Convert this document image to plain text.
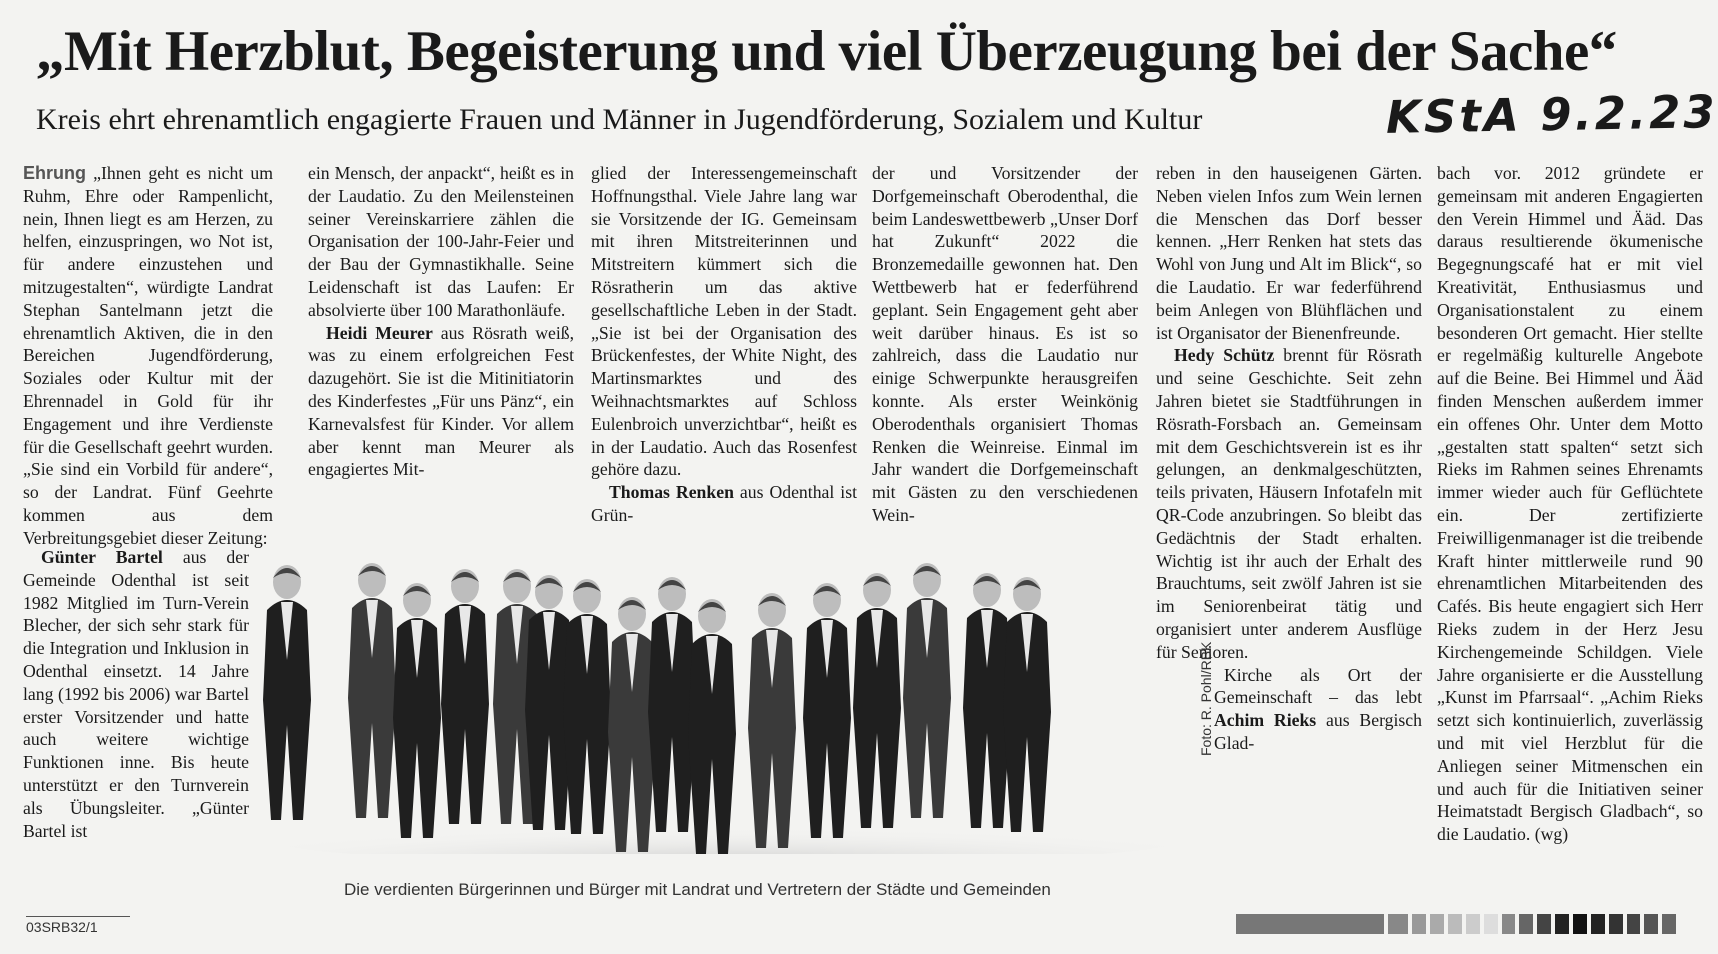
„Mit Herzblut, Begeisterung und viel Überzeugung bei der Sache“
Kreis ehrt ehrenamtlich engagierte Frauen und Männer in Jugendförderung, Sozialem und Kultur	KStA 9.2.23

Ehrung „Ihnen geht es nicht um Ruhm, Ehre oder Rampenlicht, nein, Ihnen liegt es am Herzen, zu helfen, einzuspringen, wo Not ist, für andere einzustehen und mitzugestalten“, würdigte Landrat Stephan Santelmann jetzt die ehrenamtlich Aktiven, die in den Bereichen Jugendförderung, Soziales oder Kultur mit der Ehrennadel in Gold für ihr Engagement und ihre Verdienste für die Gesellschaft geehrt wurden. „Sie sind ein Vorbild für andere“, so der Landrat. Fünf Geehrte kommen aus dem Verbreitungsgebiet dieser Zeitung:

Günter Bartel aus der Gemeinde Odenthal ist seit 1982 Mitglied im Turn-Verein Blecher, der sich sehr stark für die Integration und Inklusion in Odenthal einsetzt. 14 Jahre lang (1992 bis 2006) war Bartel erster Vorsitzender und hatte auch weitere wichtige Funktionen inne. Bis heute unterstützt er den Turnverein als Übungsleiter. „Günter Bartel ist

ein Mensch, der anpackt“, heißt es in der Laudatio. Zu den Meilensteinen seiner Vereinskarriere zählen die Organisation der 100-Jahr-Feier und der Bau der Gymnastikhalle. Seine Leidenschaft ist das Laufen: Er absolvierte über 100 Marathonläufe.

Heidi Meurer aus Rösrath weiß, was zu einem erfolgreichen Fest dazugehört. Sie ist die Mitinitiatorin des Kinderfestes „Für uns Pänz“, ein Karnevalsfest für Kinder. Vor allem aber kennt man Meurer als engagiertes Mit-

glied der Interessengemeinschaft Hoffnungsthal. Viele Jahre lang war sie Vorsitzende der IG. Gemeinsam mit ihren Mitstreiterinnen und Mitstreitern kümmert sich die Rösratherin um das aktive gesellschaftliche Leben in der Stadt. „Sie ist bei der Organisation des Brückenfestes, der White Night, des Martinsmarktes und des Weihnachtsmarktes auf Schloss Eulenbroich unverzichtbar“, heißt es in der Laudatio. Auch das Rosenfest gehöre dazu.

Thomas Renken aus Odenthal ist Grün-

der und Vorsitzender der Dorfgemeinschaft Oberodenthal, die beim Landeswettbewerb „Unser Dorf hat Zukunft“ 2022 die Bronzemedaille gewonnen hat. Den Wettbewerb hat er federführend geplant. Sein Engagement geht aber weit darüber hinaus. Es ist so zahlreich, dass die Laudatio nur einige Schwerpunkte herausgreifen konnte. Als erster Weinkönig Oberodenthals organisiert Thomas Renken die Weinreise. Einmal im Jahr wandert die Dorfgemeinschaft mit Gästen zu den verschiedenen Wein-

reben in den hauseigenen Gärten. Neben vielen Infos zum Wein lernen die Menschen das Dorf besser kennen. „Herr Renken hat stets das Wohl von Jung und Alt im Blick“, so die Laudatio. Er war federführend beim Anlegen von Blühflächen und ist Organisator der Bienenfreunde.

Hedy Schütz brennt für Rösrath und seine Geschichte. Seit zehn Jahren bietet sie Stadtführungen in Rösrath-Forsbach an. Gemeinsam mit dem Geschichtsverein ist es ihr gelungen, an denkmalgeschützten, teils privaten, Häusern Infotafeln mit QR-Code anzubringen. So bleibt das Gedächtnis der Stadt erhalten. Wichtig ist ihr auch der Erhalt des Brauchtums, seit zwölf Jahren ist sie im Seniorenbeirat tätig und organisiert unter anderem Ausflüge für Senioren.

Kirche als Ort der Gemeinschaft – das lebt Achim Rieks aus Bergisch Glad-

bach vor. 2012 gründete er gemeinsam mit anderen Engagierten den Verein Himmel und Ääd. Das daraus resultierende ökumenische Begegnungscafé hat er mit viel Kreativität, Enthusiasmus und Organisationstalent zu einem besonderen Ort gemacht. Hier stellte er regelmäßig kulturelle Angebote auf die Beine. Bei Himmel und Ääd finden Menschen außerdem immer ein offenes Ohr. Unter dem Motto „gestalten statt spalten“ setzt sich Rieks im Rahmen seines Ehrenamts immer wieder auch für Geflüchtete ein. Der zertifizierte Freiwilligenmanager ist die treibende Kraft hinter mittlerweile rund 90 ehrenamtlichen Mitarbeitenden des Cafés. Bis heute engagiert sich Herr Rieks zudem in der Herz Jesu Kirchengemeinde Schildgen. Viele Jahre organisierte er die Ausstellung „Kunst im Pfarrsaal“. „Achim Rieks setzt sich kontinuierlich, zuverlässig und mit viel Herzblut für die Anliegen seiner Mitmenschen ein und auch für die Initiativen seiner Heimatstadt Bergisch Gladbach“, so die Laudatio. (wg)

Foto: R. Pohl/RBK
Die verdienten Bürgerinnen und Bürger mit Landrat und Vertretern der Städte und Gemeinden
03SRB32/1
